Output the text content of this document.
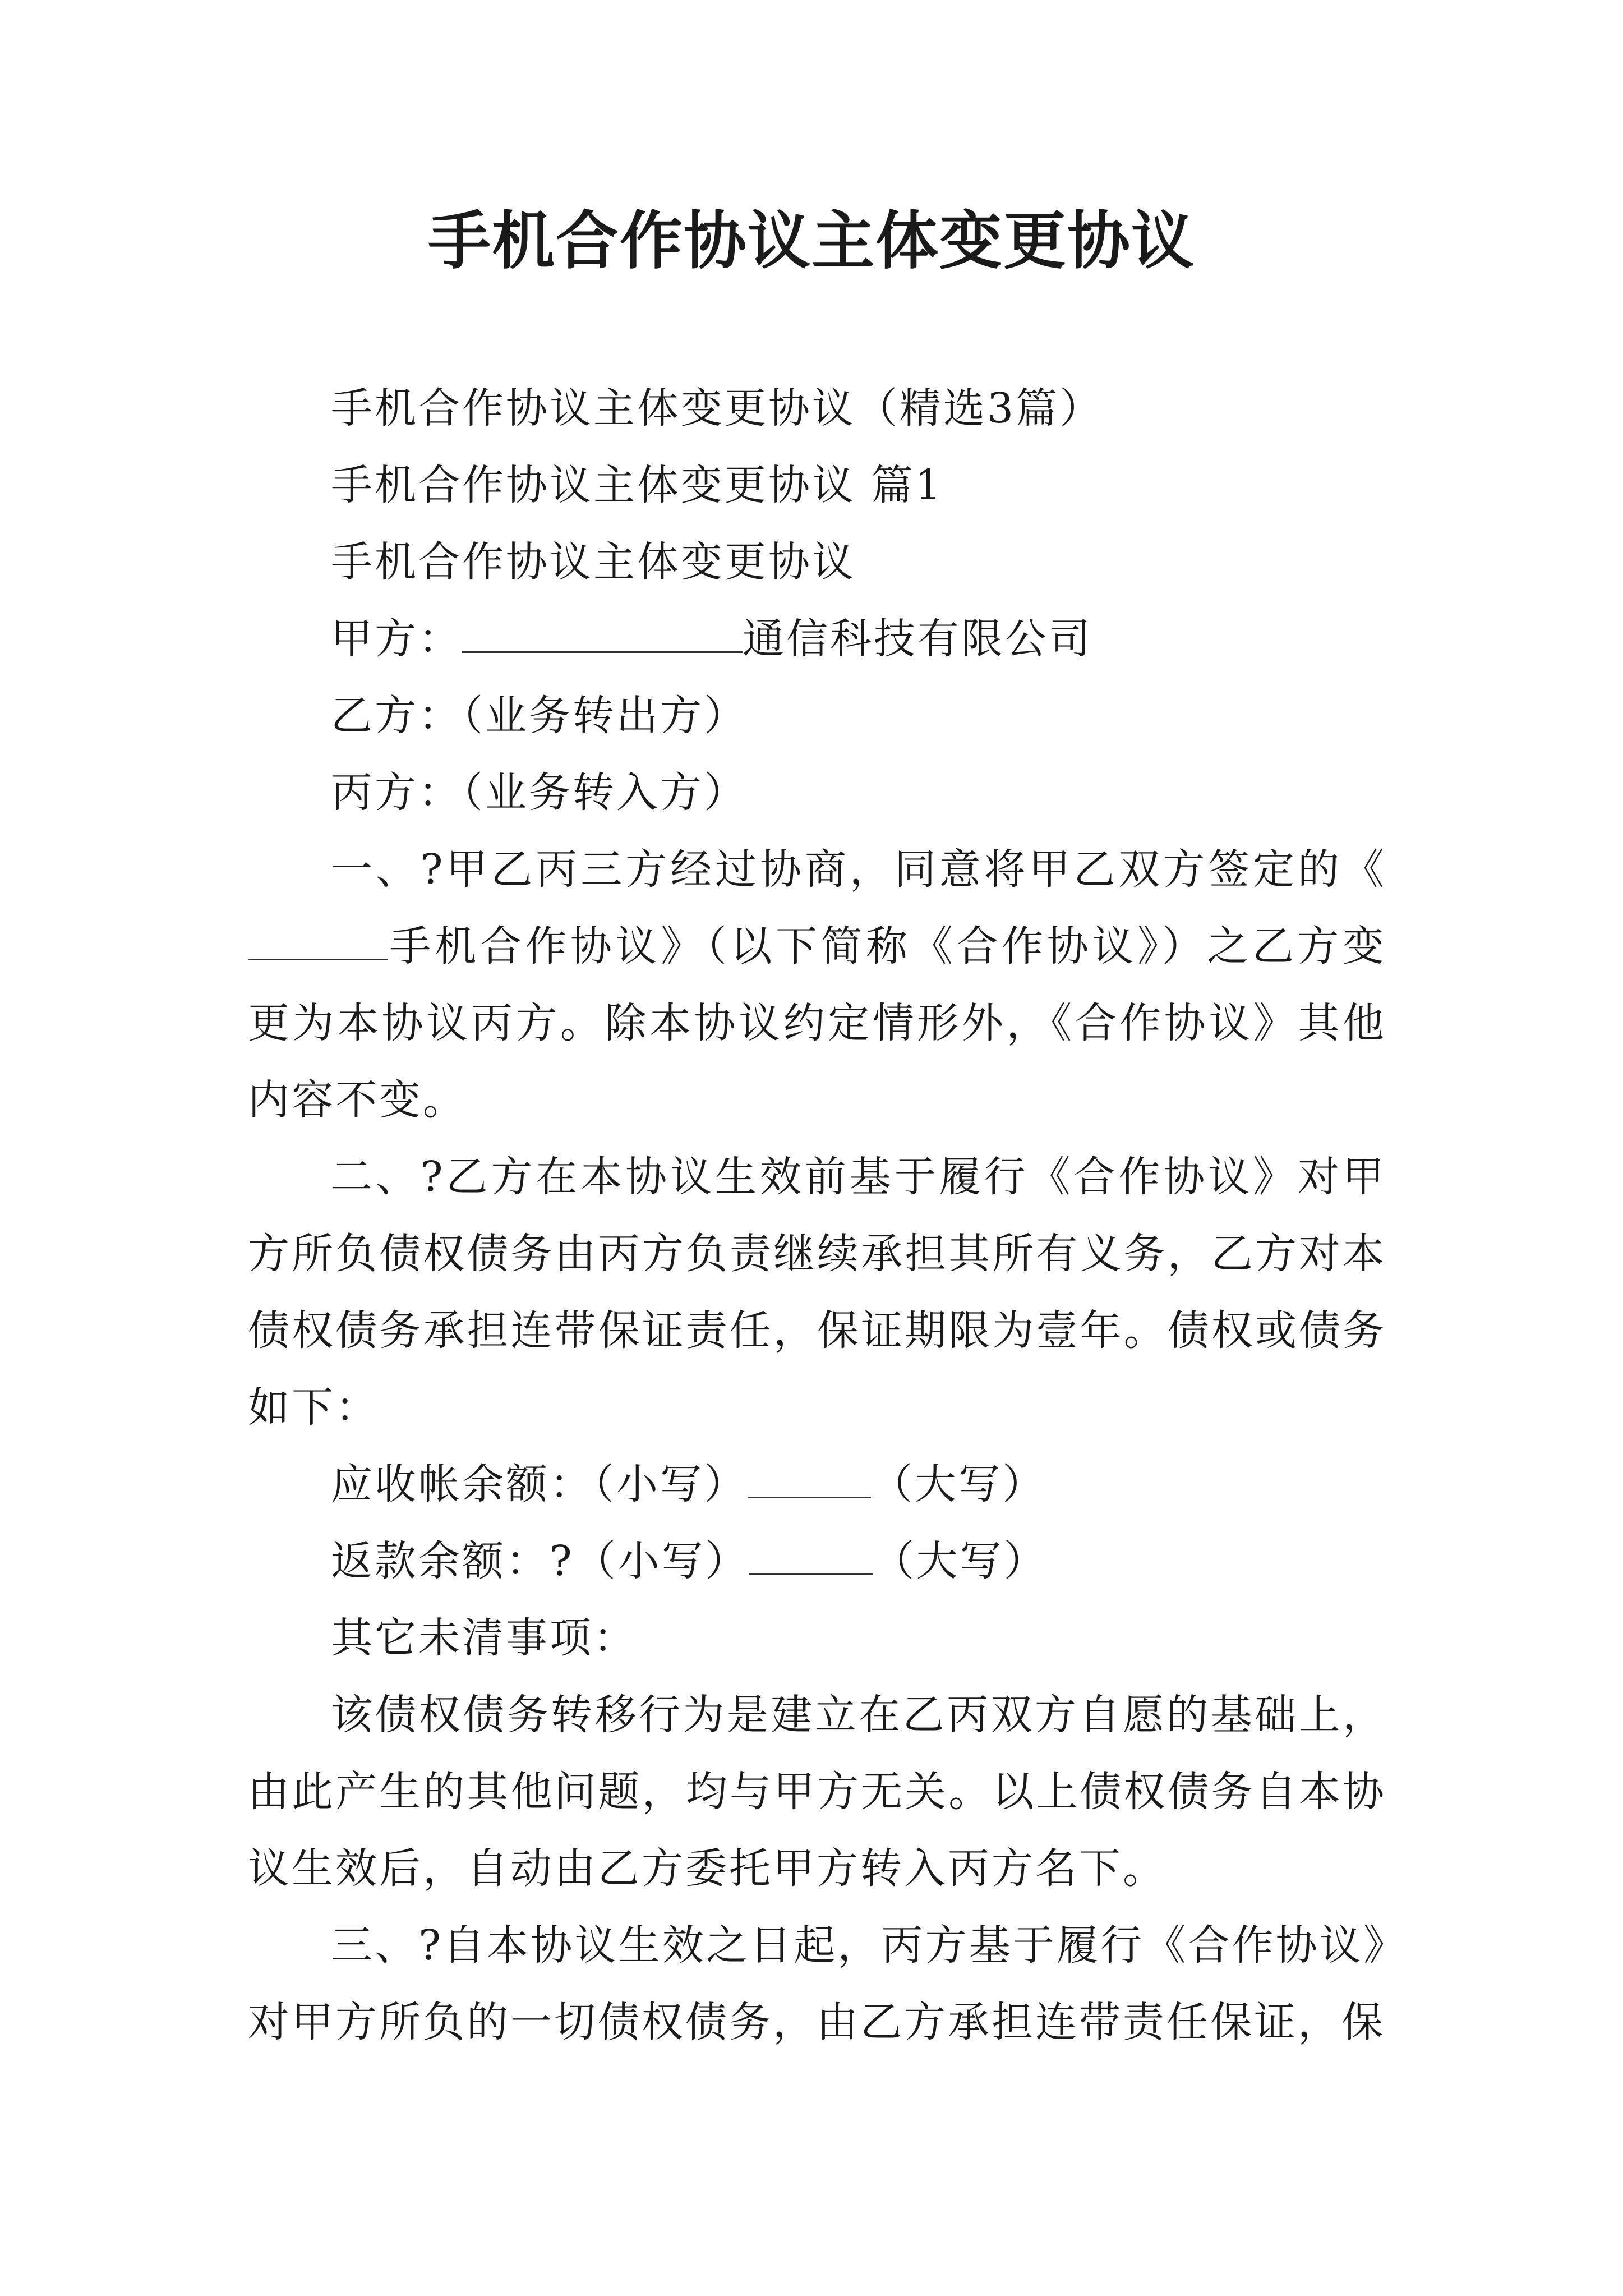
手机合作协议主体变更协议

手机合作协议主体变更协议（精选3篇）

手机合作协议主体变更协议 篇1

手机合作协议主体变更协议

甲方：	通信科技有限公司

乙方：（业务转出方）

丙方：（业务转入方）

一、?甲乙丙三方经过协商，同意将甲乙双方签定的《手机合作协议》（以下简称《合作协议》）之乙方变更为本协议丙方。除本协议约定情形外，《合作协议》其他内容不变。

二、?乙方在本协议生效前基于履行《合作协议》对甲方所负债权债务由丙方负责继续承担其所有义务，乙方对本债权债务承担连带保证责任，保证期限为壹年。债权或债务如下：

应收帐余额：（小写）	（大写）

返款余额：?（小写）	（大写）

其它未清事项：

该债权债务转移行为是建立在乙丙双方自愿的基础上，由此产生的其他问题，均与甲方无关。以上债权债务自本协议生效后，自动由乙方委托甲方转入丙方名下。

三、?自本协议生效之日起，丙方基于履行《合作协议》对甲方所负的一切债权债务，由乙方承担连带责任保证，保
